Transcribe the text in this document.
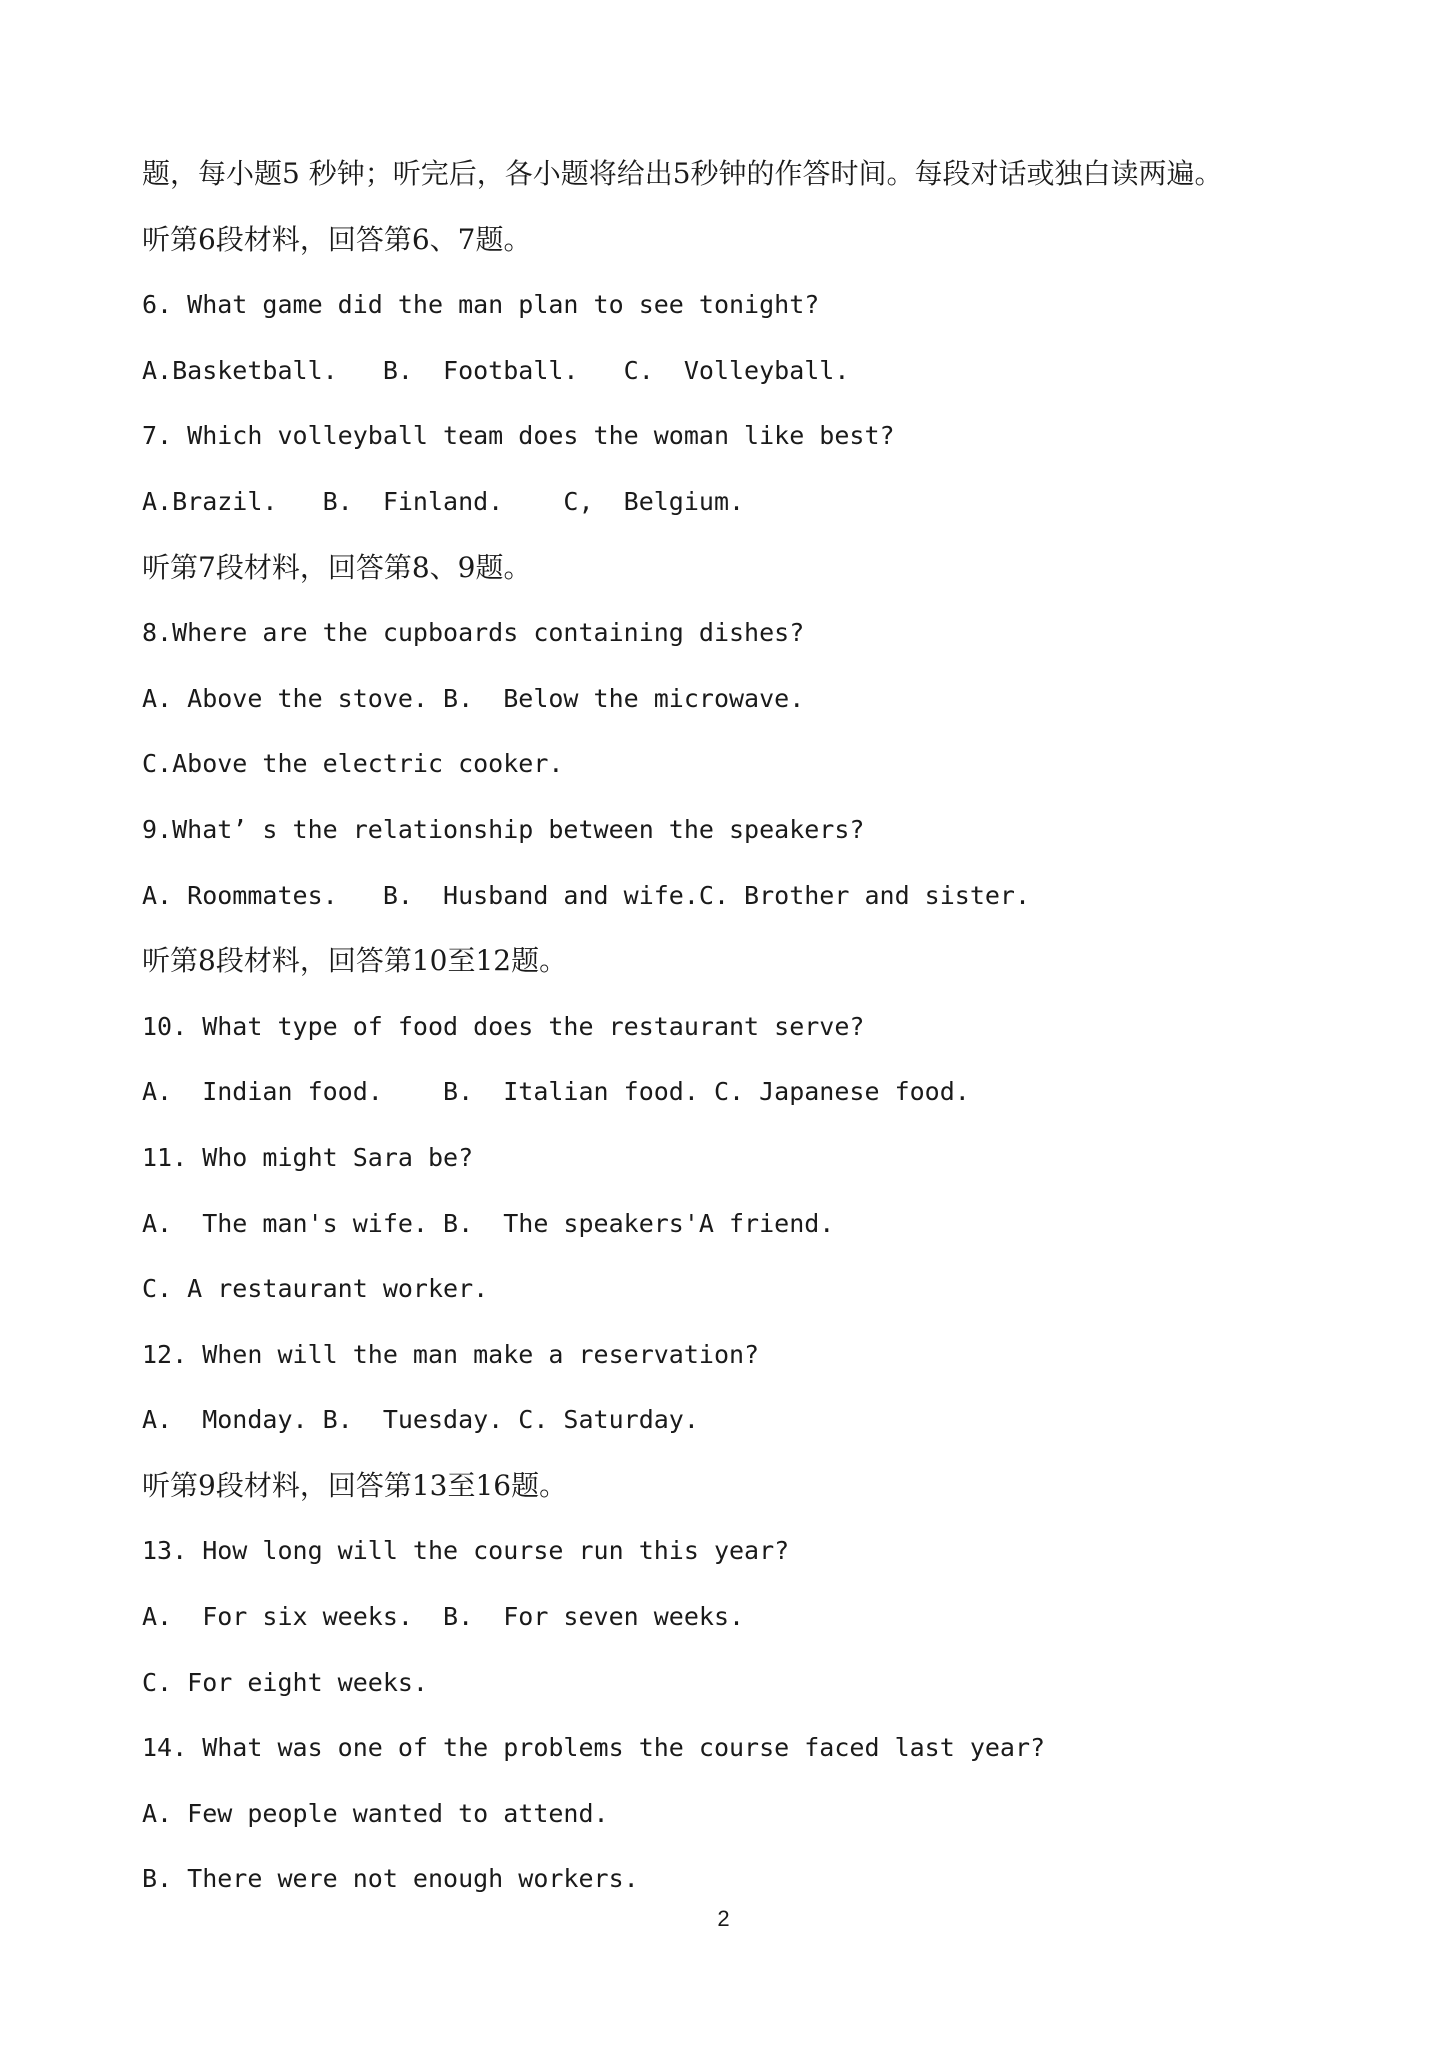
题，每小题5 秒钟；听完后，各小题将给出5秒钟的作答时间。每段对话或独白读两遍。
听第6段材料，回答第6、7题。
6. What game did the man plan to see tonight?
A.Basketball.   B.  Football.   C.  Volleyball.
7. Which volleyball team does the woman like best?
A.Brazil.   B.  Finland.    C,  Belgium.
听第7段材料，回答第8、9题。
8.Where are the cupboards containing dishes?
A. Above the stove. B.  Below the microwave.
C.Above the electric cooker.
9.What’ s the relationship between the speakers?
A. Roommates.   B.  Husband and wife.C. Brother and sister.
听第8段材料，回答第10至12题。
10. What type of food does the restaurant serve?
A.  Indian food.    B.  Italian food. C. Japanese food.
11. Who might Sara be?
A.  The man's wife. B.  The speakers'A friend.
C. A restaurant worker.
12. When will the man make a reservation?
A.  Monday. B.  Tuesday. C. Saturday.
听第9段材料，回答第13至16题。
13. How long will the course run this year?
A.  For six weeks.  B.  For seven weeks.
C. For eight weeks.
14. What was one of the problems the course faced last year?
A. Few people wanted to attend.
B. There were not enough workers.
2
